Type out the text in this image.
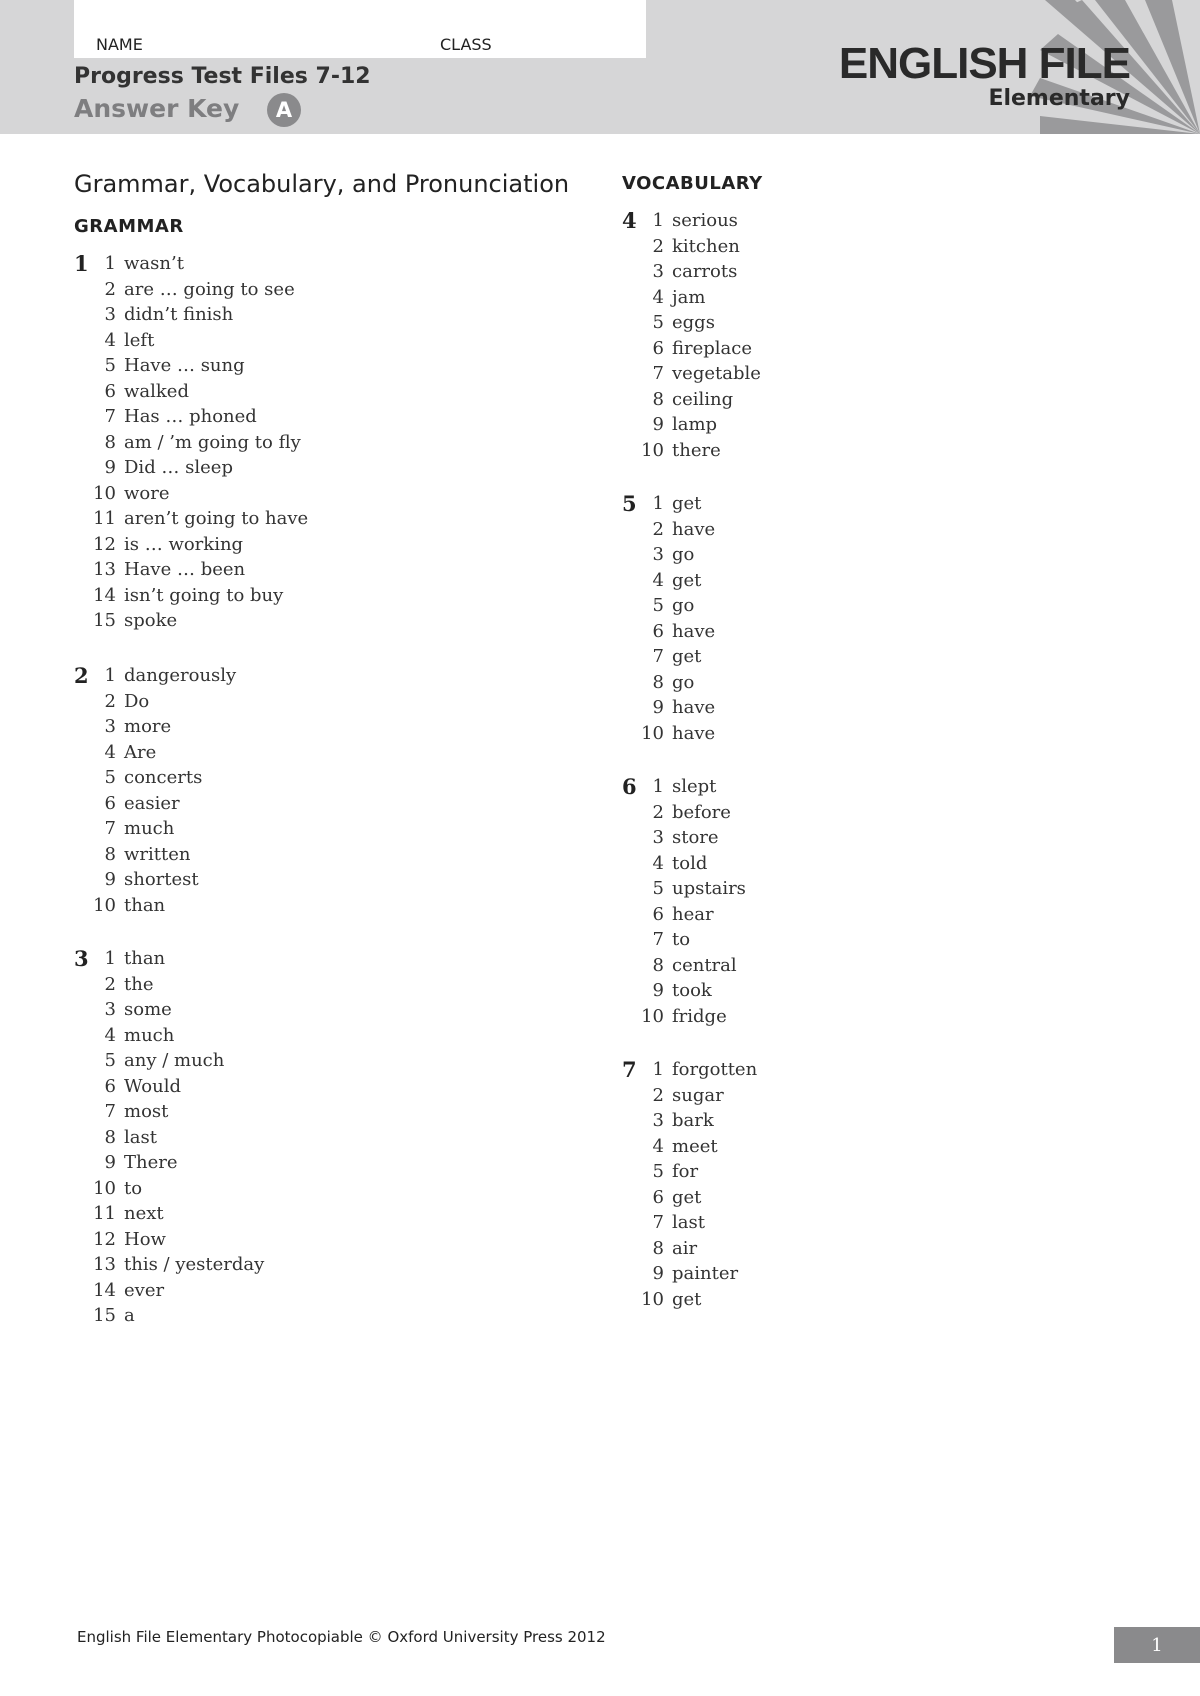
NAME	CLASS
Progress Test Files 7-12
Answer Key	A
ENGLISH FILE
Elementary
Grammar, Vocabulary, and Pronunciation
GRAMMAR
VOCABULARY
1 1 wasn’t
2 are … going to see
3 didn’t finish
4 left
5 Have … sung
6 walked
7 Has … phoned
8 am / ’m going to fly
9 Did … sleep
10 wore
11 aren’t going to have
12 is … working
13 Have … been
14 isn’t going to buy
15 spoke
2 1 dangerously
2 Do
3 more
4 Are
5 concerts
6 easier
7 much
8 written
9 shortest
10 than
3 1 than
2 the
3 some
4 much
5 any / much
6 Would
7 most
8 last
9 There
10 to
11 next
12 How
13 this / yesterday
14 ever
15 a
4 1 serious
2 kitchen
3 carrots
4 jam
5 eggs
6 fireplace
7 vegetable
8 ceiling
9 lamp
10 there
5 1 get
2 have
3 go
4 get
5 go
6 have
7 get
8 go
9 have
10 have
6 1 slept
2 before
3 store
4 told
5 upstairs
6 hear
7 to
8 central
9 took
10 fridge
7 1 forgotten
2 sugar
3 bark
4 meet
5 for
6 get
7 last
8 air
9 painter
10 get
English File Elementary Photocopiable © Oxford University Press 2012	1
